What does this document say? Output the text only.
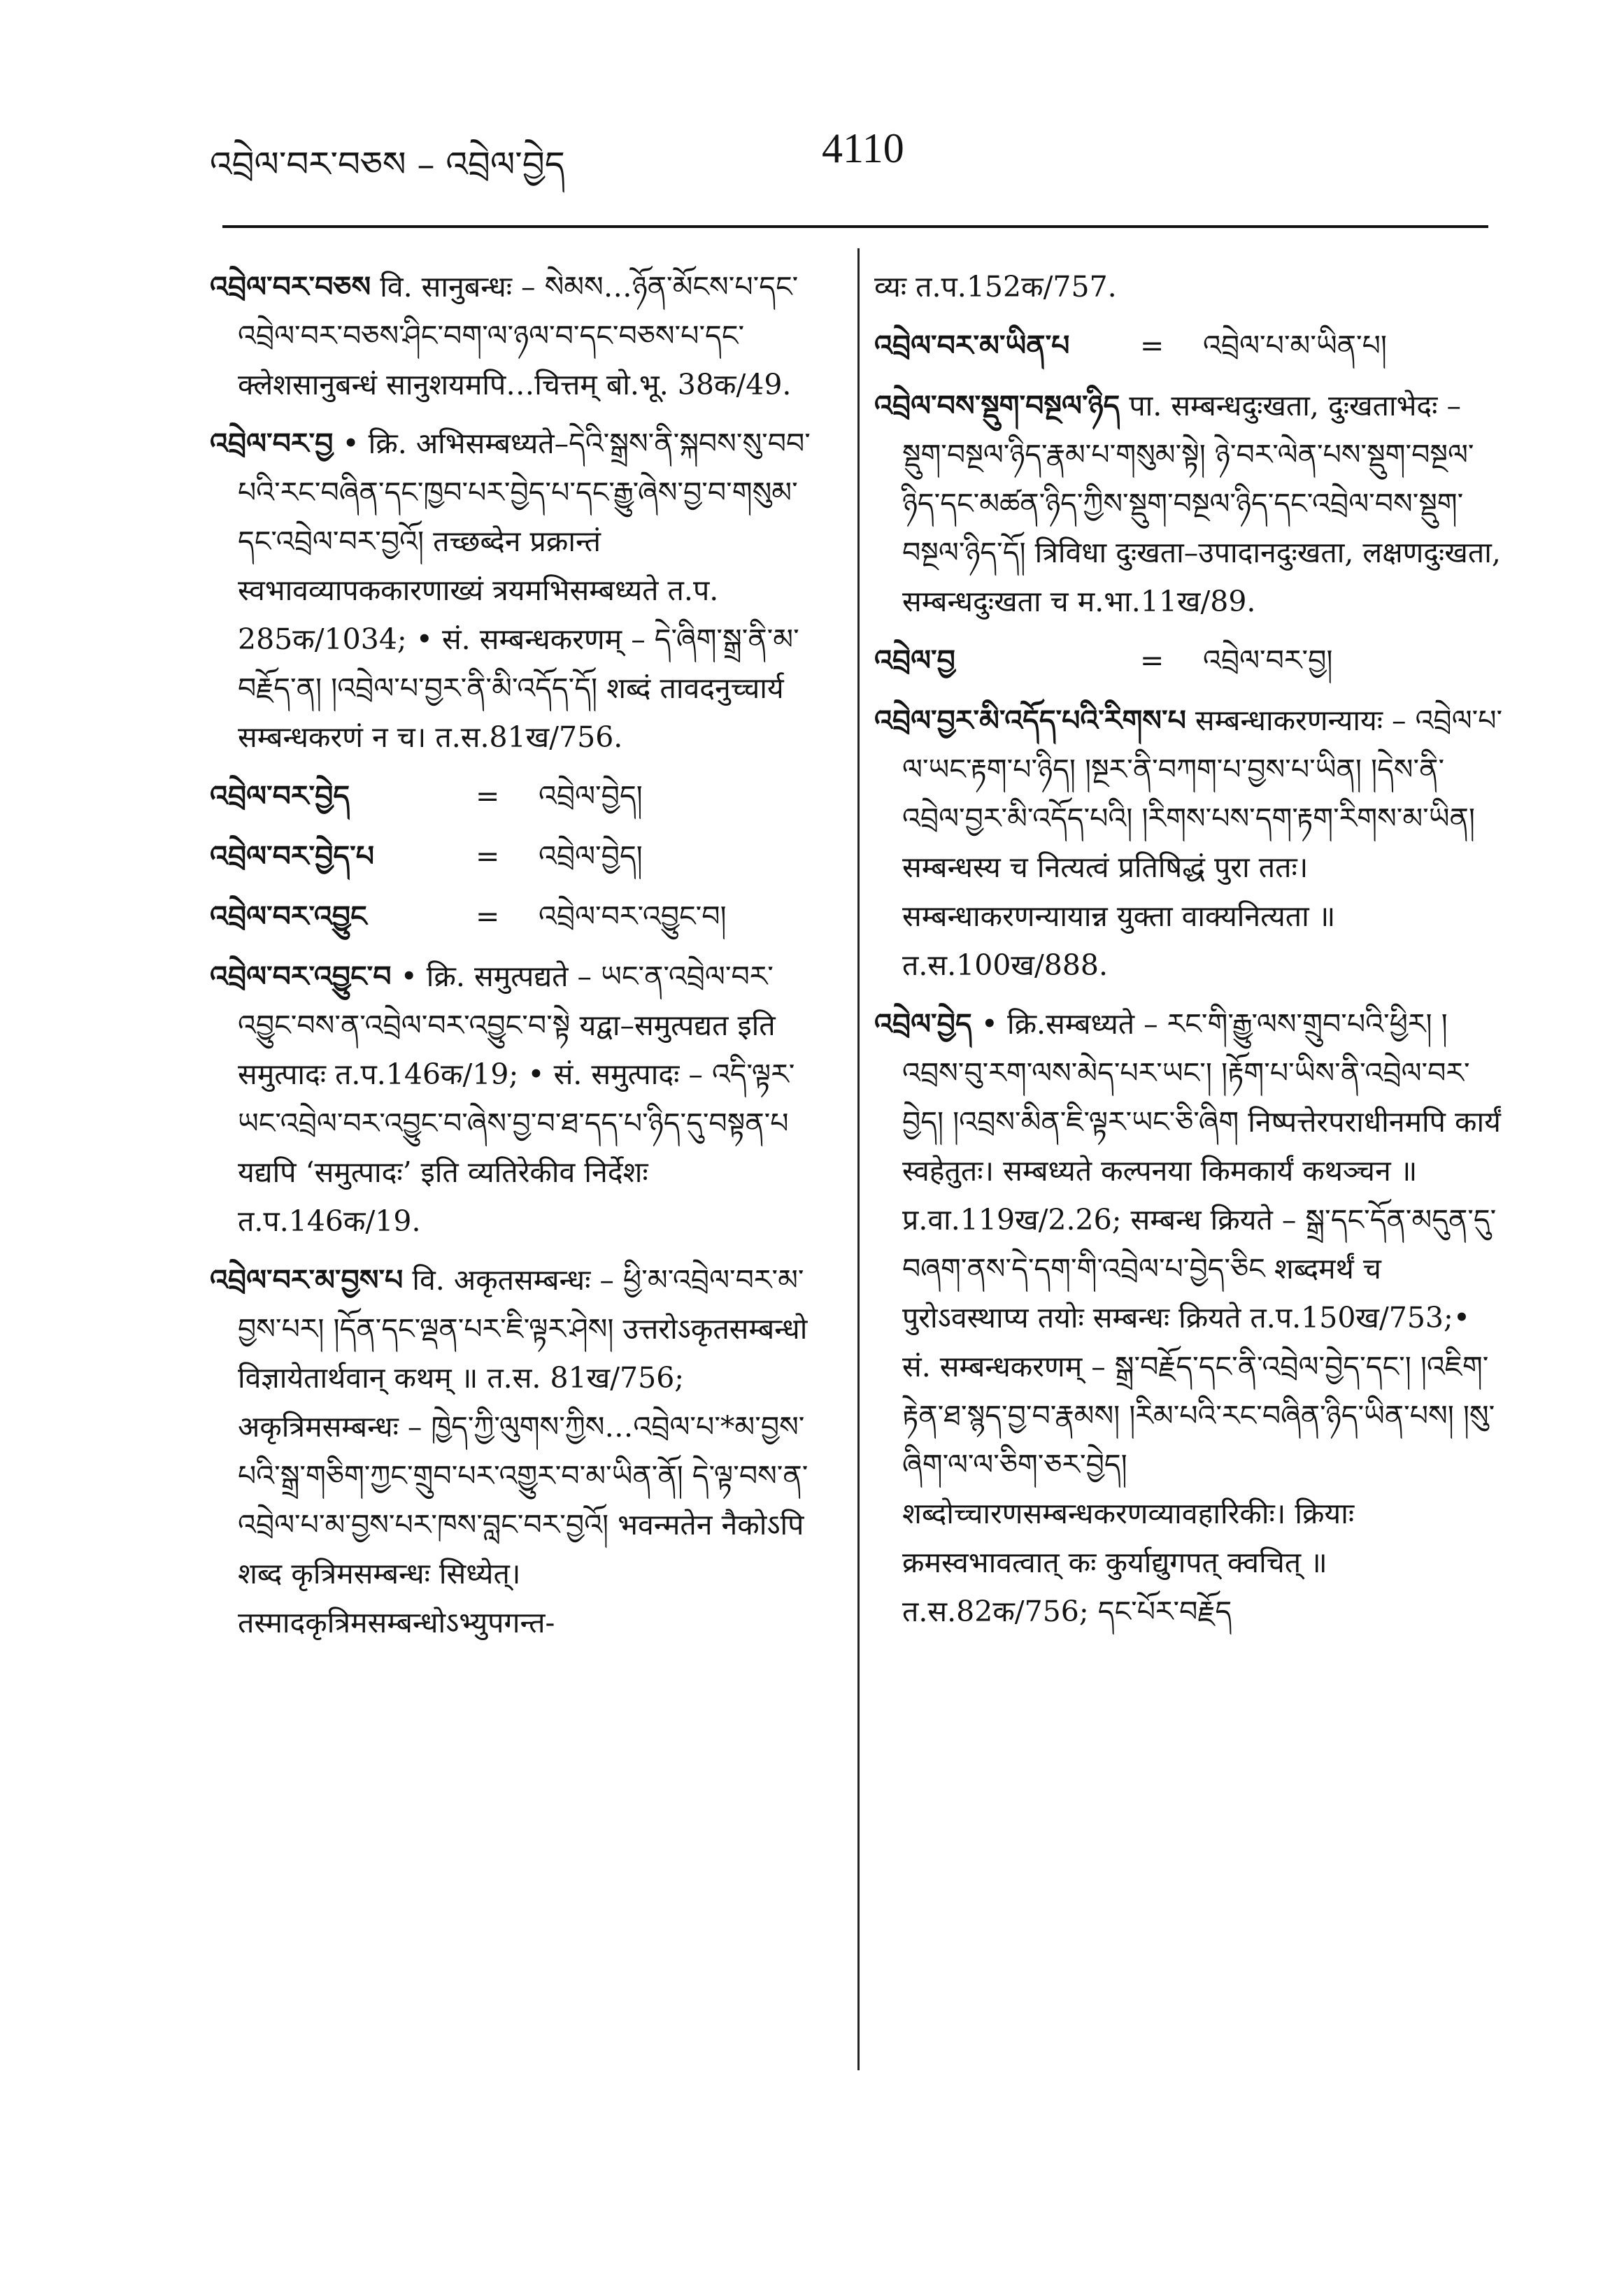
འབྲེལ་བར་བཅས – འབྲེལ་བྱེད	4110

འབྲེལ་བར་བཅས वि. सानुबन्धः – སེམས…ཉོན་མོངས་པ་དང་འབྲེལ་བར་བཅས་ཤིང་བག་ལ་ཉལ་བ་དང་བཅས་པ་དང་ क्लेशसानुबन्धं सानुशयमपि…चित्तम् बो.भू. 38क/49.

འབྲེལ་བར་བྱ • क्रि. अभिसम्बध्यते–དེའི་སྒྲས་ནི་སྐབས་སུ་བབ་པའི་རང་བཞིན་དང་ཁྱབ་པར་བྱེད་པ་དང་རྒྱུ་ཞེས་བྱ་བ་གསུམ་དང་འབྲེལ་བར་བྱའོ། तच्छब्देन प्रक्रान्तं स्वभावव्यापककारणाख्यं त्रयमभिसम्बध्यते त.प. 285क/1034; • सं. सम्बन्धकरणम् – དེ་ཞིག་སྒྲ་ནི་མ་བརྗོད་ན། །འབྲེལ་པ་བྱར་ནི་མི་འདོད་དོ། शब्दं तावदनुच्चार्य सम्बन्धकरणं न च। त.स.81ख/756.

འབྲེལ་བར་བྱེད	=	འབྲེལ་བྱེད།
འབྲེལ་བར་བྱེད་པ	=	འབྲེལ་བྱེད།
འབྲེལ་བར་འབྱུང	=	འབྲེལ་བར་འབྱུང་བ།

འབྲེལ་བར་འབྱུང་བ • क्रि. समुत्पद्यते – ཡང་ན་འབྲེལ་བར་འབྱུང་བས་ན་འབྲེལ་བར་འབྱུང་བ་སྟེ यद्वा–समुत्पद्यत इति समुत्पादः त.प.146क/19; • सं. समुत्पादः – འདི་ལྟར་ཡང་འབྲེལ་བར་འབྱུང་བ་ཞེས་བྱ་བ་ཐ་དད་པ་ཉིད་དུ་བསྟན་པ यद्यपि ‘समुत्पादः’ इति व्यतिरेकीव निर्देशः त.प.146क/19.

འབྲེལ་བར་མ་བྱས་པ वि. अकृतसम्बन्धः – ཕྱི་མ་འབྲེལ་བར་མ་བྱས་པར། །དོན་དང་ལྡན་པར་ཇི་ལྟར་ཤེས། उत्तरोऽकृतसम्बन्धो विज्ञायेतार्थवान् कथम् ॥ त.स. 81ख/756; अकृत्रिमसम्बन्धः – ཁྱེད་ཀྱི་ལུགས་ཀྱིས…འབྲེལ་པ་*མ་བྱས་པའི་སྒྲ་གཅིག་ཀྱང་གྲུབ་པར་འགྱུར་བ་མ་ཡིན་ནོ། དེ་ལྟ་བས་ན་འབྲེལ་པ་མ་བྱས་པར་ཁས་བླང་བར་བྱའོ། भवन्मतेन नैकोऽपि शब्द कृत्रिमसम्बन्धः सिध्येत्। तस्मादकृत्रिमसम्बन्धोऽभ्युपगन्त-

व्यः त.प.152क/757.

འབྲེལ་བར་མ་ཡིན་པ	=	འབྲེལ་པ་མ་ཡིན་པ།

འབྲེལ་བས་སྡུག་བསྔལ་ཉིད पा. सम्बन्धदुःखता, दुःखताभेदः – སྡུག་བསྔལ་ཉིད་རྣམ་པ་གསུམ་སྟེ། ཉེ་བར་ལེན་པས་སྡུག་བསྔལ་ཉིད་དང་མཚན་ཉིད་ཀྱིས་སྡུག་བསྔལ་ཉིད་དང་འབྲེལ་བས་སྡུག་བསྔལ་ཉིད་དོ། त्रिविधा दुःखता–उपादानदुःखता, लक्षणदुःखता, सम्बन्धदुःखता च म.भा.11ख/89.

འབྲེལ་བྱ	=	འབྲེལ་བར་བྱ།

འབྲེལ་བྱར་མི་འདོད་པའི་རིགས་པ सम्बन्धाकरणन्यायः – འབྲེལ་པ་ལ་ཡང་རྟག་པ་ཉིད། །སྔར་ནི་བཀག་པ་བྱས་པ་ཡིན། །དེས་ནི་འབྲེལ་བྱར་མི་འདོད་པའི། །རིགས་པས་དག་རྟག་རིགས་མ་ཡིན། सम्बन्धस्य च नित्यत्वं प्रतिषिद्धं पुरा ततः। सम्बन्धाकरणन्यायान्न युक्ता वाक्यनित्यता ॥ त.स.100ख/888.

འབྲེལ་བྱེད • क्रि.सम्बध्यते – རང་གི་རྒྱུ་ལས་གྲུབ་པའི་ཕྱིར། །འབྲས་བུ་རག་ལས་མེད་པར་ཡང་། །རྟོག་པ་ཡིས་ནི་འབྲེལ་བར་བྱེད། །འབྲས་མིན་ཇི་ལྟར་ཡང་ཅི་ཞིག निष्पत्तेरपराधीनमपि कार्यं स्वहेतुतः। सम्बध्यते कल्पनया किमकार्यं कथञ्चन ॥ प्र.वा.119ख/2.26; सम्बन्ध क्रियते – སྒྲ་དང་དོན་མདུན་དུ་བཞག་ནས་དེ་དག་གི་འབྲེལ་པ་བྱེད་ཅིང शब्दमर्थं च पुरोऽवस्थाप्य तयोः सम्बन्धः क्रियते त.प.150ख/753;• सं. सम्बन्धकरणम् – སྒྲ་བརྗོད་དང་ནི་འབྲེལ་བྱེད་དང་། །འཇིག་རྟེན་ཐ་སྙད་བྱ་བ་རྣམས། །རིམ་པའི་རང་བཞིན་ཉིད་ཡིན་པས། །སུ་ཞིག་ལ་ལ་ཅིག་ཅར་བྱེད། शब्दोच्चारणसम्बन्धकरणव्यावहारिकीः। क्रियाः क्रमस्वभावत्वात् कः कुर्याद्युगपत् क्वचित् ॥ त.स.82क/756; དང་པོར་བརྗོད
